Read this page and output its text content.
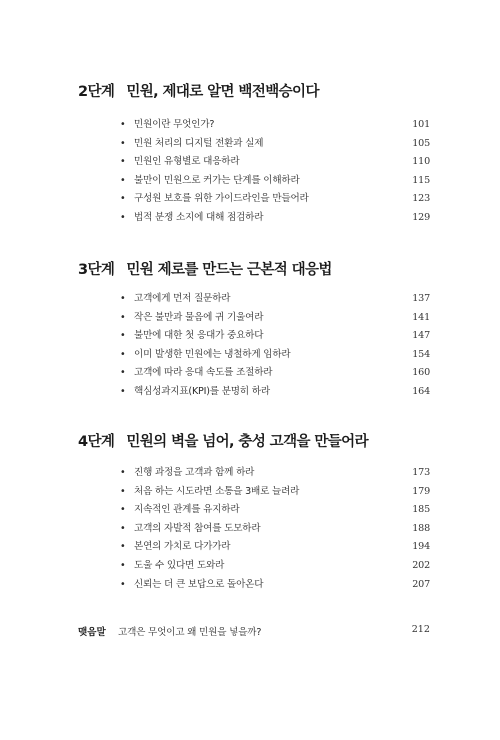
2단계 민원, 제대로 알면 백전백승이다
• 민원이란 무엇인가?	101
• 민원 처리의 디지털 전환과 실제	105
• 민원인 유형별로 대응하라	110
• 불만이 민원으로 커가는 단계를 이해하라	115
• 구성원 보호를 위한 가이드라인을 만들어라	123
• 법적 분쟁 소지에 대해 점검하라	129
3단계 민원 제로를 만드는 근본적 대응법
• 고객에게 먼저 질문하라	137
• 작은 불만과 물음에 귀 기울여라	141
• 불만에 대한 첫 응대가 중요하다	147
• 이미 발생한 민원에는 냉철하게 임하라	154
• 고객에 따라 응대 속도를 조절하라	160
• 핵심성과지표(KPI)를 분명히 하라	164
4단계 민원의 벽을 넘어, 충성 고객을 만들어라
• 진행 과정을 고객과 함께 하라	173
• 처음 하는 시도라면 소통을 3배로 늘려라	179
• 지속적인 관계를 유지하라	185
• 고객의 자발적 참여를 도모하라	188
• 본연의 가치로 다가가라	194
• 도울 수 있다면 도와라	202
• 신뢰는 더 큰 보답으로 돌아온다	207
맺음말 고객은 무엇이고 왜 민원을 넣을까?	212
